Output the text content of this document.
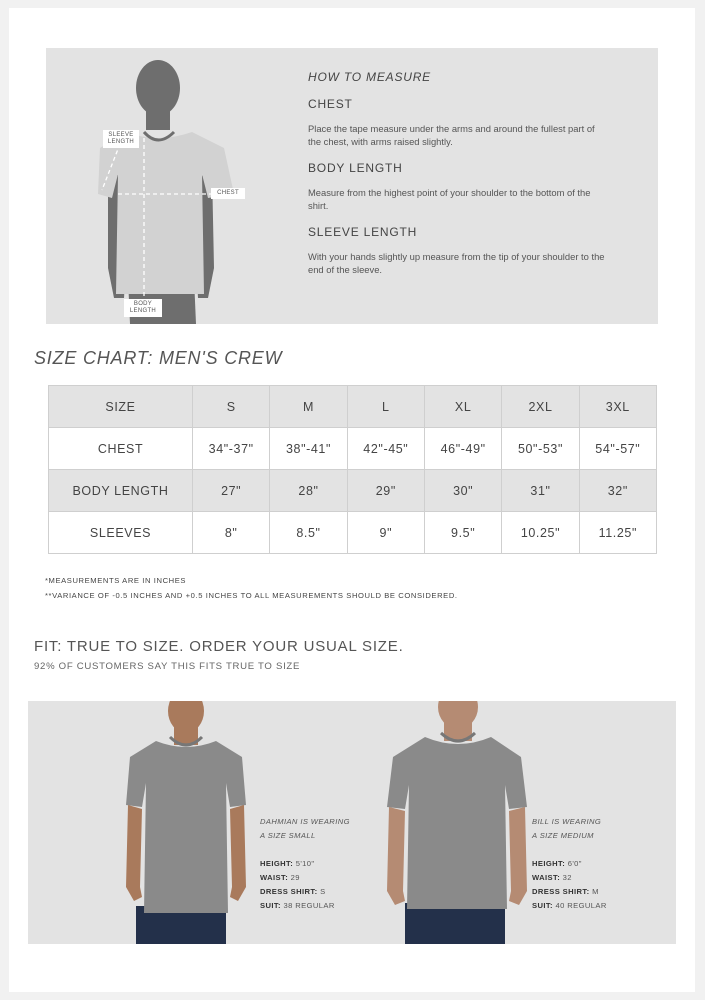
SLEEVE LENGTH
CHEST
BODY LENGTH
HOW TO MEASURE
CHEST

Place the tape measure under the arms and around the fullest part of the chest, with arms raised slightly.

BODY LENGTH

Measure from the highest point of your shoulder to the bottom of the shirt.

SLEEVE LENGTH

With your hands slightly up measure from the tip of your shoulder to the end of the sleeve.

SIZE CHART: MEN'S CREW
SIZE	S	M	L	XL	2XL	3XL
CHEST	34"-37"	38"-41"	42"-45"	46"-49"	50"-53"	54"-57"
BODY LENGTH	27"	28"	29"	30"	31"	32"
SLEEVES	8"	8.5"	9"	9.5"	10.25"	11.25"
*MEASUREMENTS ARE IN INCHES
**VARIANCE OF -0.5 INCHES AND +0.5 INCHES TO ALL MEASUREMENTS SHOULD BE CONSIDERED.
FIT: TRUE TO SIZE. ORDER YOUR USUAL SIZE.
92% OF CUSTOMERS SAY THIS FITS TRUE TO SIZE
DAHMIAN IS WEARING
A SIZE SMALL
HEIGHT: 5'10"
WAIST: 29
DRESS SHIRT: S
SUIT: 38 REGULAR
BILL IS WEARING
A SIZE MEDIUM
HEIGHT: 6'0"
WAIST: 32
DRESS SHIRT: M
SUIT: 40 REGULAR
